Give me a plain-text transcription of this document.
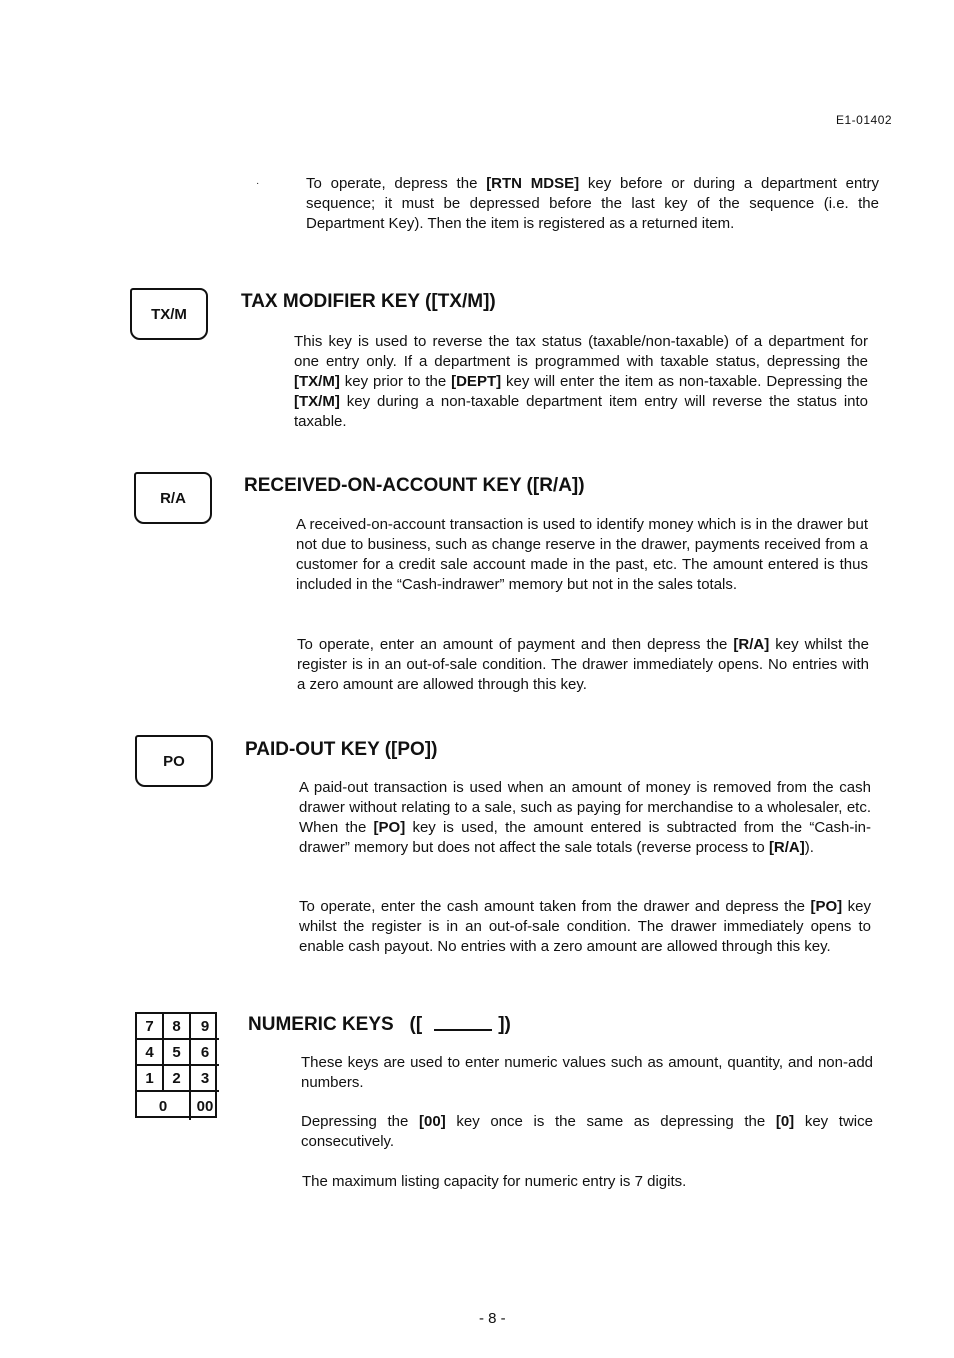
E1-01402
·	To operate, depress the [RTN MDSE] key before or during a department entry sequence; it must be depressed before the last key of the sequence (i.e. the Department Key). Then the item is registered as a returned item.

TX/M
TAX MODIFIER KEY ([TX/M])

This key is used to reverse the tax status (taxable/non-taxable) of a department for one entry only. If a department is programmed with taxable status, depressing the [TX/M] key prior to the [DEPT] key will enter the item as non-taxable. Depressing the [TX/M] key during a non-taxable department item entry will reverse the status into taxable.

R/A
RECEIVED-ON-ACCOUNT KEY ([R/A])

A received-on-account transaction is used to identify money which is in the drawer but not due to business, such as change reserve in the drawer, payments received from a customer for a credit sale account made in the past, etc. The amount entered is thus included in the “Cash-indrawer” memory but not in the sales totals.

To operate, enter an amount of payment and then depress the [R/A] key whilst the register is in an out-of-sale condition. The drawer immediately opens. No entries with a zero amount are allowed through this key.

PO
PAID-OUT KEY ([PO])

A paid-out transaction is used when an amount of money is removed from the cash drawer without relating to a sale, such as paying for merchandise to a wholesaler, etc. When the [PO] key is used, the amount entered is subtracted from the “Cash-in-drawer” memory but does not affect the sale totals (reverse process to [R/A]).

To operate, enter the cash amount taken from the drawer and depress the [PO] key whilst the register is in an out-of-sale condition. The drawer immediately opens to enable cash payout. No entries with a zero amount are allowed through this key.

7	8	9
4	5	6
1	2	3
0	00
NUMERIC KEYS ([	])

These keys are used to enter numeric values such as amount, quantity, and non-add numbers.

Depressing the [00] key once is the same as depressing the [0] key twice consecutively.

The maximum listing capacity for numeric entry is 7 digits.

- 8 -
